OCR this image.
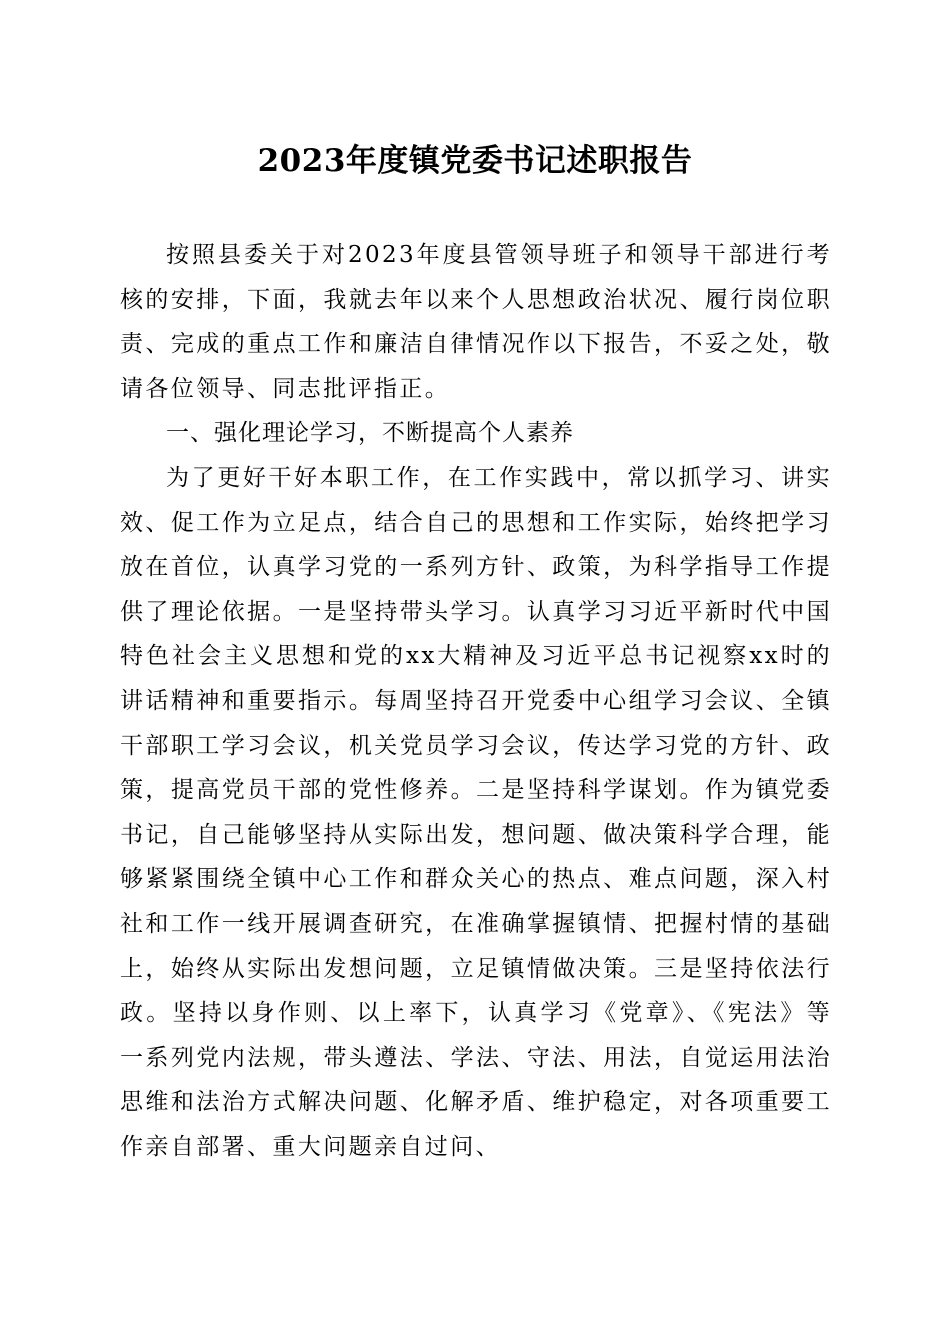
2023年度镇党委书记述职报告

按照县委关于对2023年度县管领导班子和领导干部进行考核的安排，下面，我就去年以来个人思想政治状况、履行岗位职责、完成的重点工作和廉洁自律情况作以下报告，不妥之处，敬请各位领导、同志批评指正。

一、强化理论学习，不断提高个人素养

为了更好干好本职工作，在工作实践中，常以抓学习、讲实效、促工作为立足点，结合自己的思想和工作实际，始终把学习放在首位，认真学习党的一系列方针、政策，为科学指导工作提供了理论依据。一是坚持带头学习。认真学习习近平新时代中国特色社会主义思想和党的xx大精神及习近平总书记视察xx时的讲话精神和重要指示。每周坚持召开党委中心组学习会议、全镇干部职工学习会议，机关党员学习会议，传达学习党的方针、政策，提高党员干部的党性修养。二是坚持科学谋划。作为镇党委书记，自己能够坚持从实际出发，想问题、做决策科学合理，能够紧紧围绕全镇中心工作和群众关心的热点、难点问题，深入村社和工作一线开展调查研究，在准确掌握镇情、把握村情的基础上，始终从实际出发想问题，立足镇情做决策。三是坚持依法行政。坚持以身作则、以上率下，认真学习《党章》、《宪法》等一系列党内法规，带头遵法、学法、守法、用法，自觉运用法治思维和法治方式解决问题、化解矛盾、维护稳定，对各项重要工作亲自部署、重大问题亲自过问、
